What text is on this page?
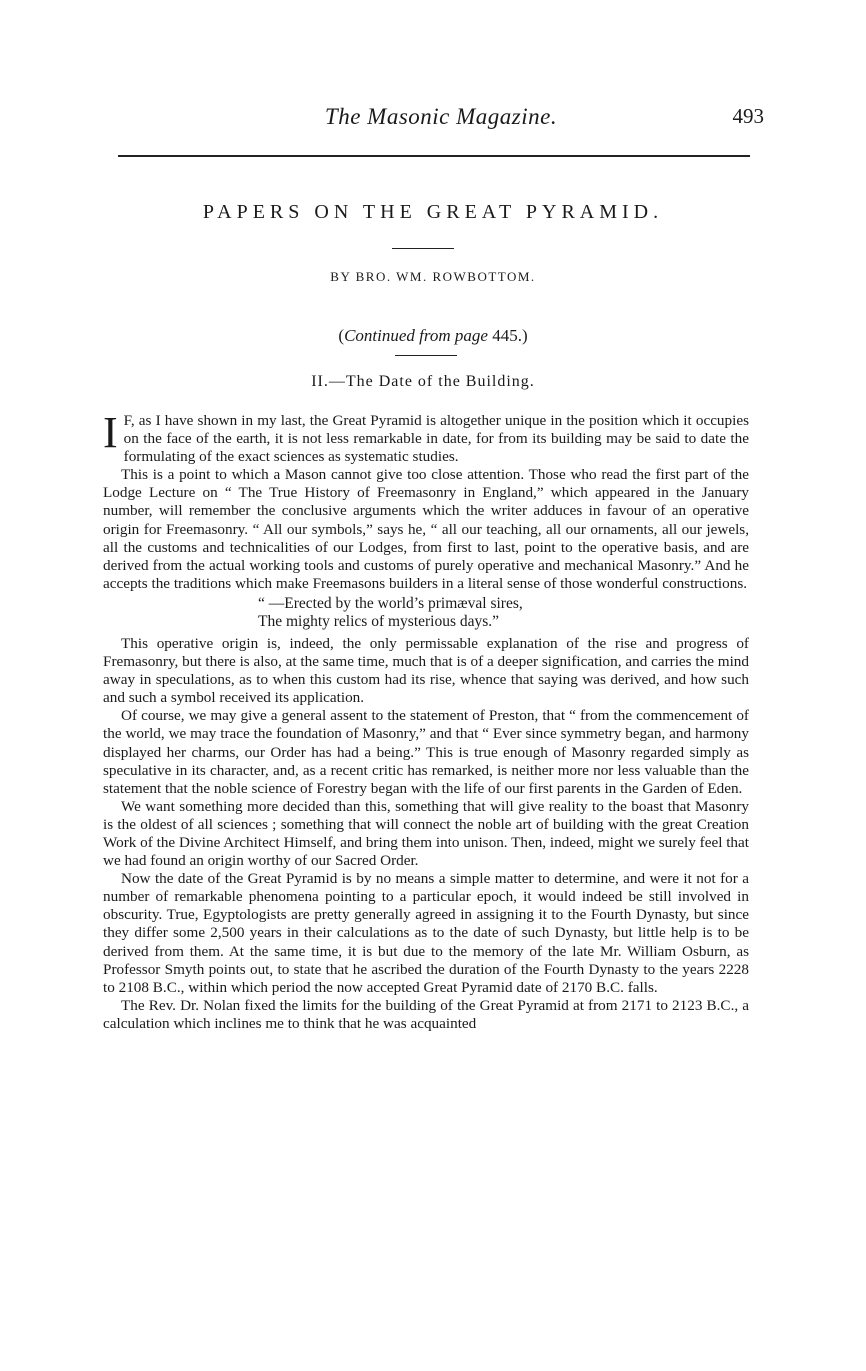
The Masonic Magazine.	493
PAPERS ON THE GREAT PYRAMID.
BY BRO. WM. ROWBOTTOM.
(Continued from page 445.)
II.—The Date of the Building.

I F, as I have shown in my last, the Great Pyramid is altogether unique in the position which it occupies on the face of the earth, it is not less remarkable in date, for from its building may be said to date the formulating of the exact sciences as systematic studies.

This is a point to which a Mason cannot give too close attention. Those who read the first part of the Lodge Lecture on “ The True History of Freemasonry in England,” which appeared in the January number, will remember the conclusive arguments which the writer adduces in favour of an operative origin for Freemasonry. “ All our symbols,” says he, “ all our teaching, all our ornaments, all our jewels, all the customs and technicalities of our Lodges, from first to last, point to the operative basis, and are derived from the actual working tools and customs of purely operative and mechanical Masonry.” And he accepts the traditions which make Freemasons builders in a literal sense of those wonderful constructions.

“ —Erected by the world’s primæval sires,
The mighty relics of mysterious days.”

This operative origin is, indeed, the only permissable explanation of the rise and progress of Fremasonry, but there is also, at the same time, much that is of a deeper signification, and carries the mind away in speculations, as to when this custom had its rise, whence that saying was derived, and how such and such a symbol received its application.

Of course, we may give a general assent to the statement of Preston, that “ from the commencement of the world, we may trace the foundation of Masonry,” and that “ Ever since symmetry began, and harmony displayed her charms, our Order has had a being.” This is true enough of Masonry regarded simply as speculative in its character, and, as a recent critic has remarked, is neither more nor less valuable than the statement that the noble science of Forestry began with the life of our first parents in the Garden of Eden.

We want something more decided than this, something that will give reality to the boast that Masonry is the oldest of all sciences ; something that will connect the noble art of building with the great Creation Work of the Divine Architect Himself, and bring them into unison. Then, indeed, might we surely feel that we had found an origin worthy of our Sacred Order.

Now the date of the Great Pyramid is by no means a simple matter to determine, and were it not for a number of remarkable phenomena pointing to a particular epoch, it would indeed be still involved in obscurity. True, Egyptologists are pretty generally agreed in assigning it to the Fourth Dynasty, but since they differ some 2,500 years in their calculations as to the date of such Dynasty, but little help is to be derived from them. At the same time, it is but due to the memory of the late Mr. William Osburn, as Professor Smyth points out, to state that he ascribed the duration of the Fourth Dynasty to the years 2228 to 2108 B.C., within which period the now accepted Great Pyramid date of 2170 B.C. falls.

The Rev. Dr. Nolan fixed the limits for the building of the Great Pyramid at from 2171 to 2123 B.C., a calculation which inclines me to think that he was acquainted
